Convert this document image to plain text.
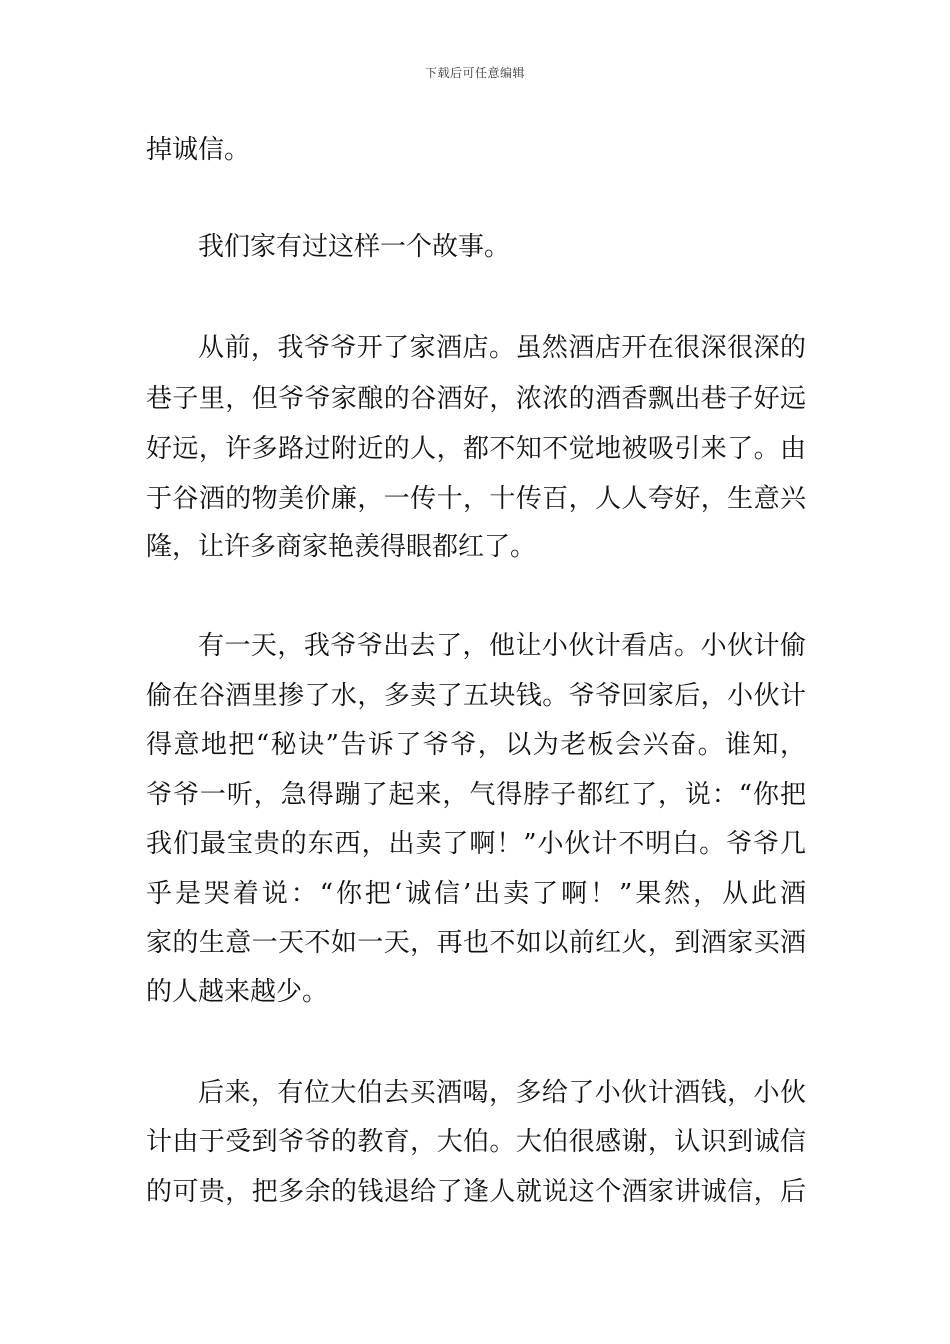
下载后可任意编辑
掉诚信。
我们家有过这样一个故事。
从前，我爷爷开了家酒店。虽然酒店开在很深很深的
巷子里，但爷爷家酿的谷酒好，浓浓的酒香飘出巷子好远
好远，许多路过附近的人，都不知不觉地被吸引来了。由
于谷酒的物美价廉，一传十，十传百，人人夸好，生意兴
隆，让许多商家艳羡得眼都红了。
有一天，我爷爷出去了，他让小伙计看店。小伙计偷
偷在谷酒里掺了水，多卖了五块钱。爷爷回家后，小伙计
得意地把“秘诀”告诉了爷爷，以为老板会兴奋。谁知，
爷爷一听，急得蹦了起来，气得脖子都红了，说：“你把
我们最宝贵的东西，出卖了啊！”小伙计不明白。爷爷几
乎是哭着说：“你把‘诚信’出卖了啊！”果然，从此酒
家的生意一天不如一天，再也不如以前红火，到酒家买酒
的人越来越少。
后来，有位大伯去买酒喝，多给了小伙计酒钱，小伙
计由于受到爷爷的教育，大伯。大伯很感谢，认识到诚信
的可贵，把多余的钱退给了逢人就说这个酒家讲诚信，后
